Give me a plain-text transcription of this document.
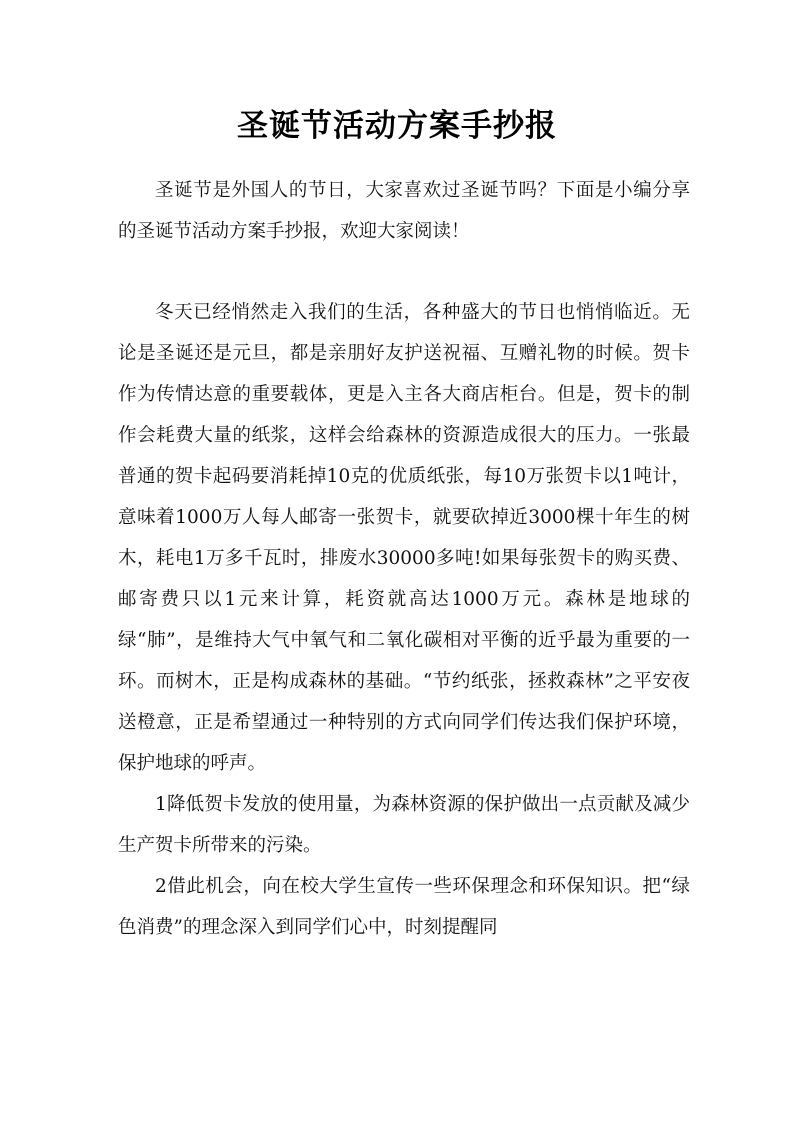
圣诞节活动方案手抄报

圣诞节是外国人的节日，大家喜欢过圣诞节吗？下面是小编分享的圣诞节活动方案手抄报，欢迎大家阅读！

冬天已经悄然走入我们的生活，各种盛大的节日也悄悄临近。无论是圣诞还是元旦，都是亲朋好友护送祝福、互赠礼物的时候。贺卡作为传情达意的重要载体，更是入主各大商店柜台。但是，贺卡的制作会耗费大量的纸浆，这样会给森林的资源造成很大的压力。一张最普通的贺卡起码要消耗掉10克的优质纸张，每10万张贺卡以1吨计，意味着1000万人每人邮寄一张贺卡，就要砍掉近3000棵十年生的树木，耗电1万多千瓦时，排废水30000多吨!如果每张贺卡的购买费、邮寄费只以1元来计算，耗资就高达1000万元。森林是地球的绿“肺”，是维持大气中氧气和二氧化碳相对平衡的近乎最为重要的一环。而树木，正是构成森林的基础。“节约纸张，拯救森林”之平安夜送橙意，正是希望通过一种特别的方式向同学们传达我们保护环境，保护地球的呼声。

1降低贺卡发放的使用量，为森林资源的保护做出一点贡献及减少生产贺卡所带来的污染。

2借此机会，向在校大学生宣传一些环保理念和环保知识。把“绿色消费”的理念深入到同学们心中，时刻提醒同
